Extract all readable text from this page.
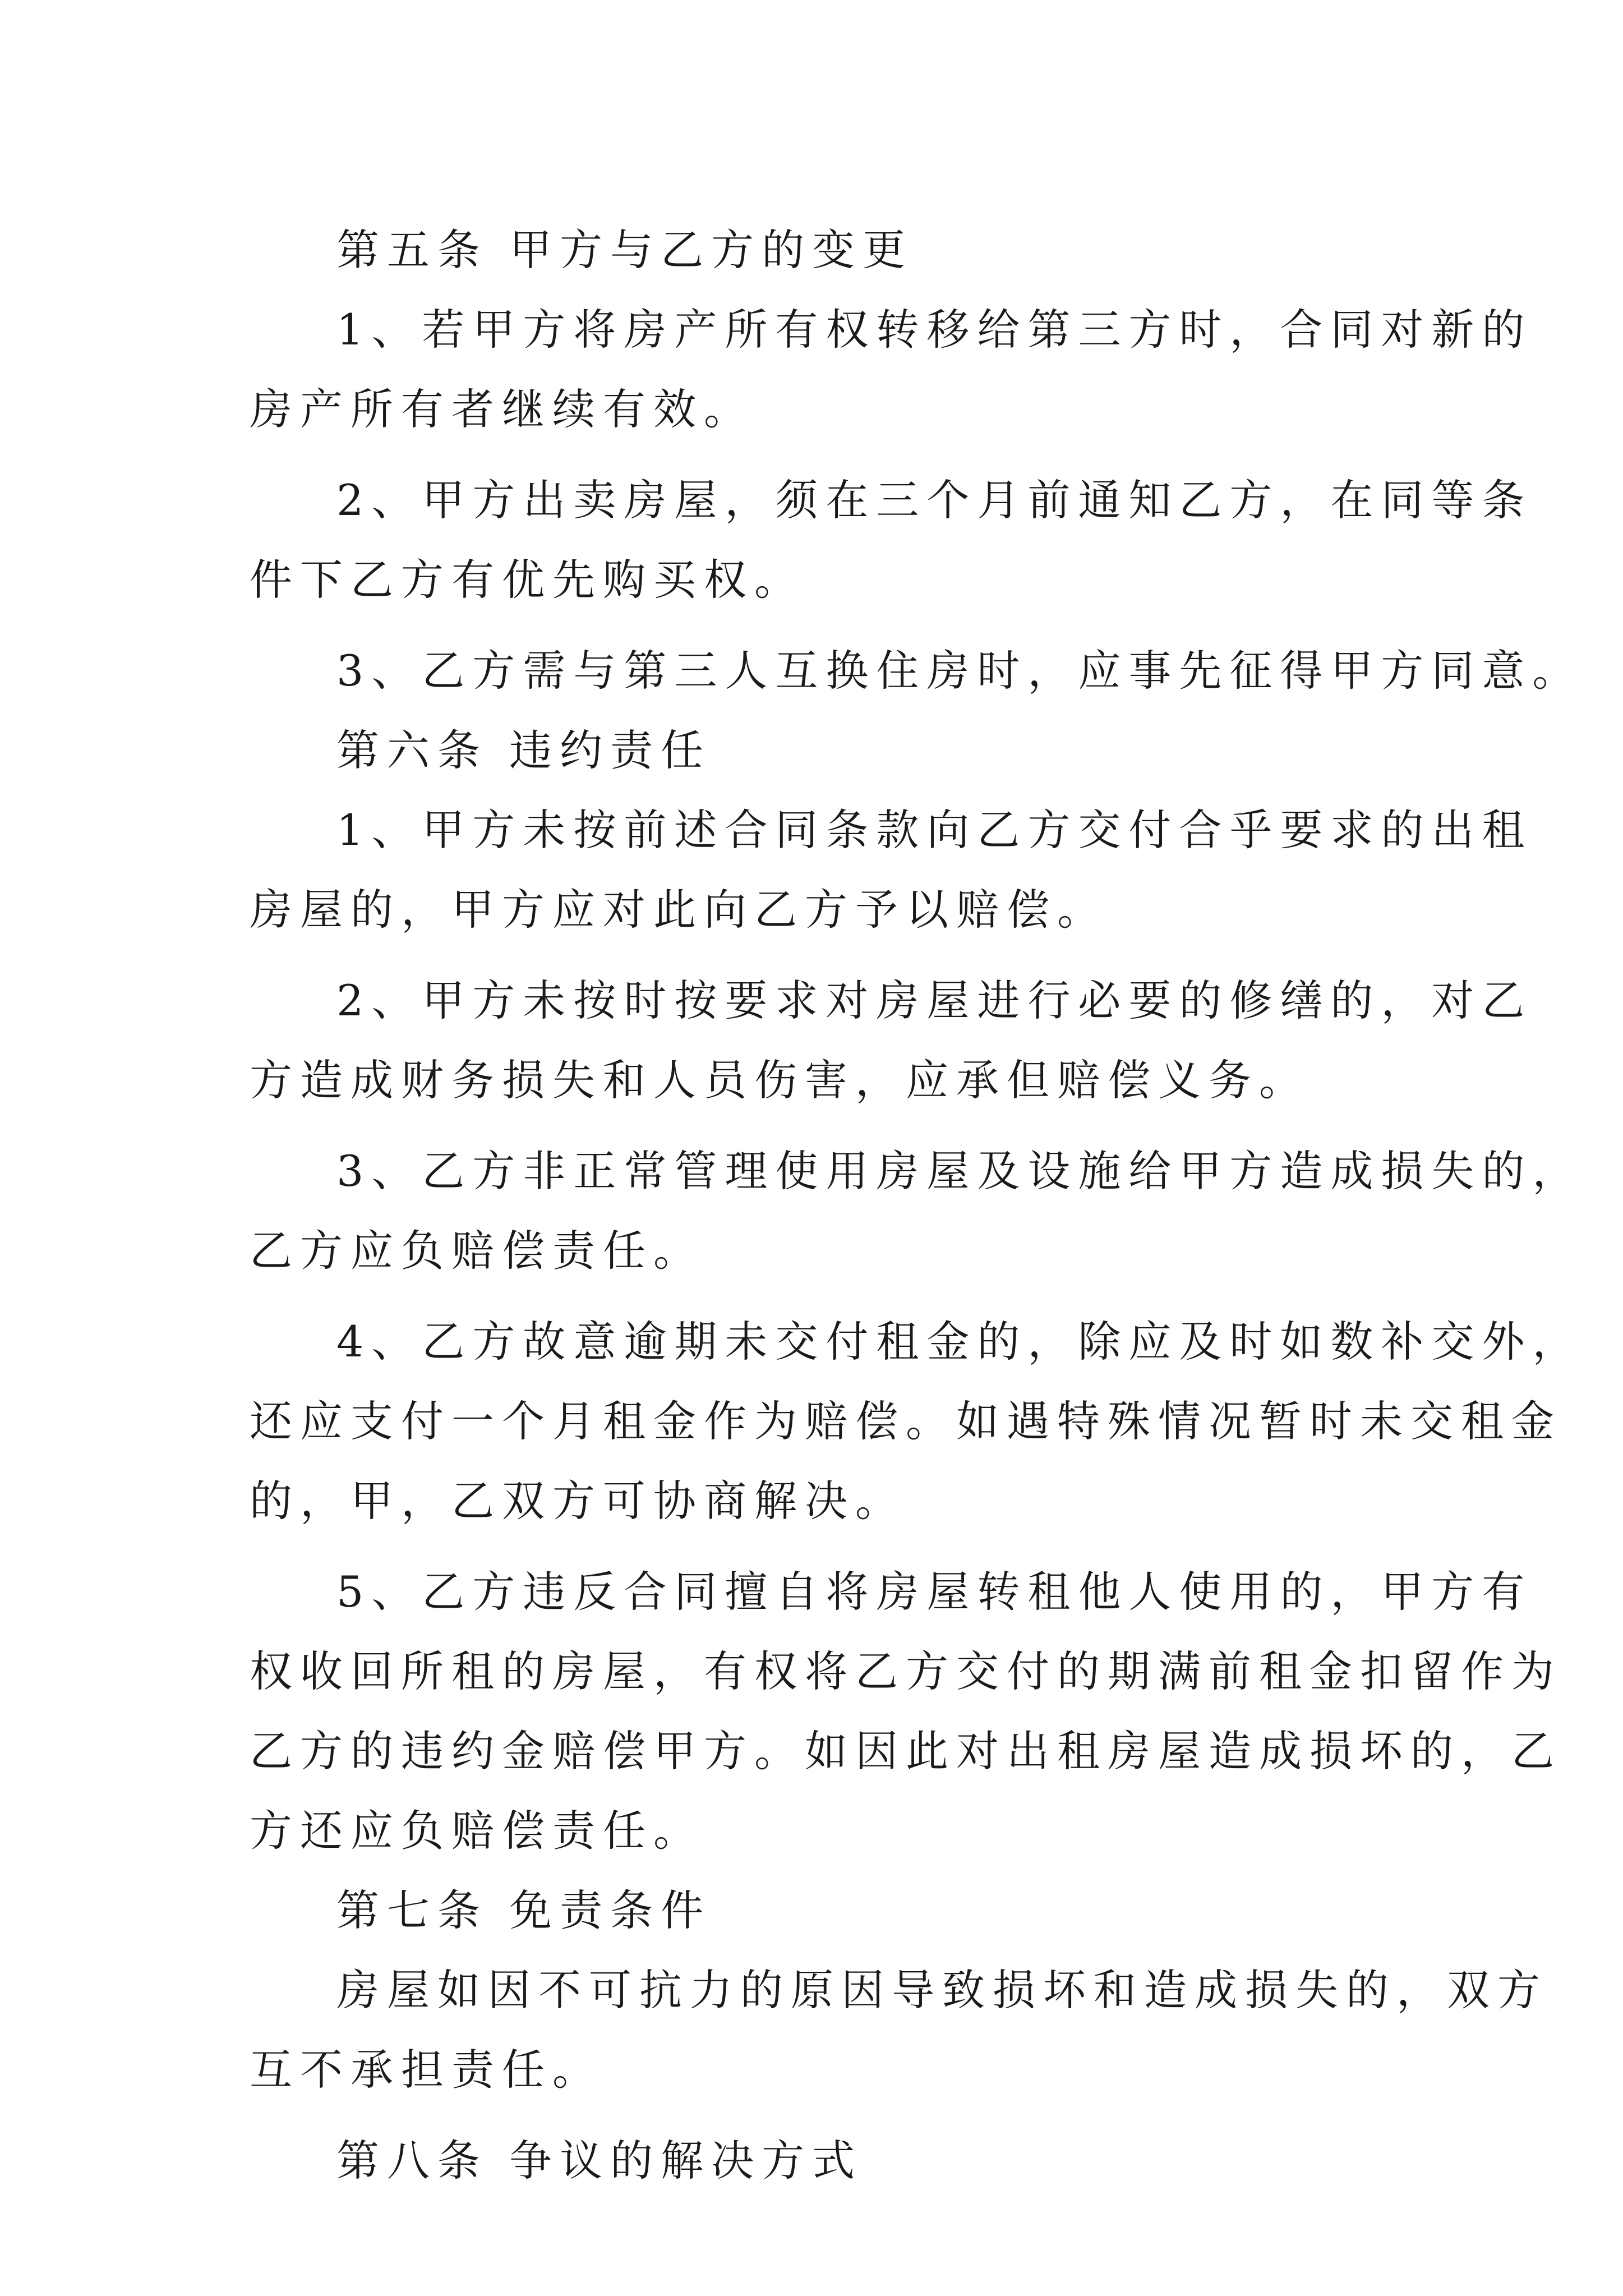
第五条 甲方与乙方的变更

1、若甲方将房产所有权转移给第三方时，合同对新的
房产所有者继续有效。

2、甲方出卖房屋，须在三个月前通知乙方，在同等条
件下乙方有优先购买权。

3、乙方需与第三人互换住房时，应事先征得甲方同意。

第六条 违约责任

1、甲方未按前述合同条款向乙方交付合乎要求的出租
房屋的，甲方应对此向乙方予以赔偿。

2、甲方未按时按要求对房屋进行必要的修缮的，对乙
方造成财务损失和人员伤害，应承但赔偿义务。

3、乙方非正常管理使用房屋及设施给甲方造成损失的，
乙方应负赔偿责任。

4、乙方故意逾期未交付租金的，除应及时如数补交外，
还应支付一个月租金作为赔偿。如遇特殊情况暂时未交租金
的，甲，乙双方可协商解决。

5、乙方违反合同擅自将房屋转租他人使用的，甲方有
权收回所租的房屋，有权将乙方交付的期满前租金扣留作为
乙方的违约金赔偿甲方。如因此对出租房屋造成损坏的，乙
方还应负赔偿责任。

第七条 免责条件

房屋如因不可抗力的原因导致损坏和造成损失的，双方
互不承担责任。

第八条 争议的解决方式
